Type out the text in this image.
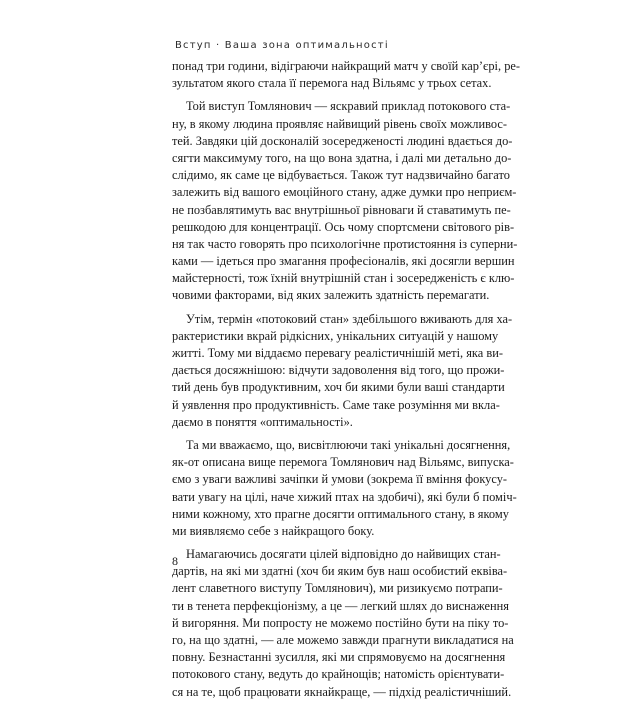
Вступ · Ваша зона оптимальності
понад три години, відіграючи найкращий матч у своїй кар’єрі, ре-
зультатом якого стала її перемога над Вільямс у трьох сетах.
Той виступ Томлянович — яскравий приклад потокового ста-
ну, в якому людина проявляє найвищий рівень своїх можливос-
тей. Завдяки цій досконалій зосередженості людині вдається до-
сягти максимуму того, на що вона здатна, і далі ми детально до-
слідимо, як саме це відбувається. Також тут надзвичайно багато
залежить від вашого емоційного стану, адже думки про неприєм-
не позбавлятимуть вас внутрішньої рівноваги й ставатимуть пе-
решкодою для концентрації. Ось чому спортсмени світового рів-
ня так часто говорять про психологічне протистояння із суперни-
ками — ідеться про змагання професіоналів, які досягли вершин
майстерності, тож їхній внутрішній стан і зосередженість є клю-
човими факторами, від яких залежить здатність перемагати.
Утім, термін «потоковий стан» здебільшого вживають для ха-
рактеристики вкрай рідкісних, унікальних ситуацій у нашому
житті. Тому ми віддаємо перевагу реалістичнішій меті, яка ви-
дається досяжнішою: відчути задоволення від того, що прожи-
тий день був продуктивним, хоч би якими були ваші стандарти
й уявлення про продуктивність. Саме таке розуміння ми вкла-
даємо в поняття «оптимальності».
Та ми вважаємо, що, висвітлюючи такі унікальні досягнення,
як-от описана вище перемога Томлянович над Вільямс, випуска-
ємо з уваги важливі зачіпки й умови (зокрема її вміння фокусу-
вати увагу на цілі, наче хижий птах на здобичі), які були б поміч-
ними кожному, хто прагне досягти оптимального стану, в якому
ми виявляємо себе з найкращого боку.
Намагаючись досягати цілей відповідно до найвищих стан-
дартів, на які ми здатні (хоч би яким був наш особистий еквіва-
лент славетного виступу Томлянович), ми ризикуємо потрапи-
ти в тенета перфекціонізму, а це — легкий шлях до виснаження
й вигоряння. Ми попросту не можемо постійно бути на піку то-
го, на що здатні, — але можемо завжди прагнути викладатися на
повну. Безнастанні зусилля, які ми спрямовуємо на досягнення
потокового стану, ведуть до крайнощів; натомість орієнтувати-
ся на те, щоб працювати якнайкраще, — підхід реалістичніший.
8
